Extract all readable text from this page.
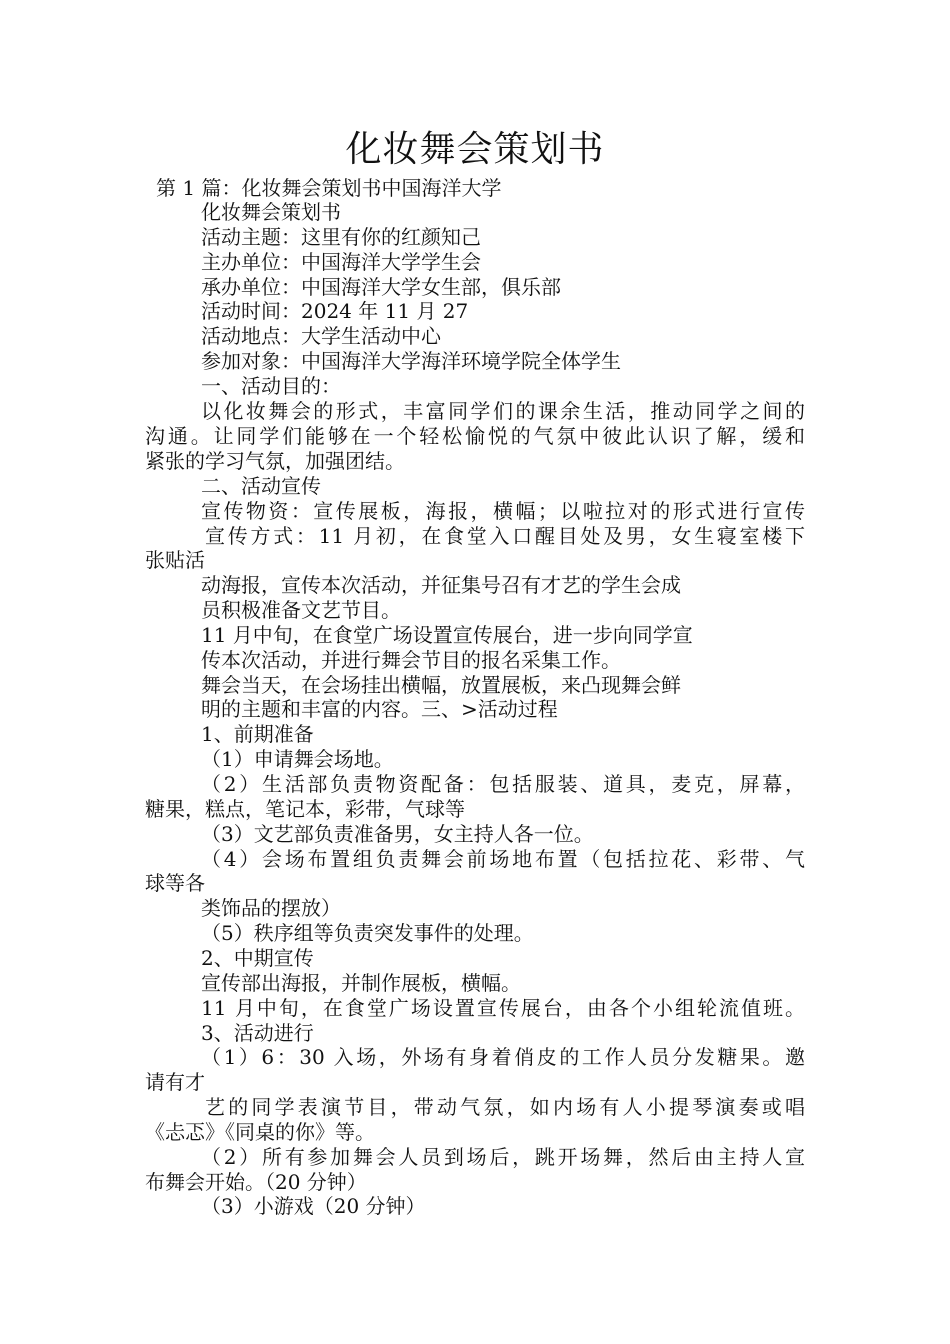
化妆舞会策划书
第 1 篇：化妆舞会策划书中国海洋大学
化妆舞会策划书
活动主题：这里有你的红颜知己
主办单位：中国海洋大学学生会
承办单位：中国海洋大学女生部，俱乐部
活动时间：2024 年 11 月 27
活动地点：大学生活动中心
参加对象：中国海洋大学海洋环境学院全体学生
一、活动目的：
以化妆舞会的形式，丰富同学们的课余生活，推动同学之间的
沟通。让同学们能够在一个轻松愉悦的气氛中彼此认识了解，缓和
紧张的学习气氛，加强团结。
二、活动宣传
宣传物资：宣传展板，海报，横幅；以啦拉对的形式进行宣传
宣传方式：11 月初，在食堂入口醒目处及男，女生寝室楼下
张贴活
动海报，宣传本次活动，并征集号召有才艺的学生会成
员积极准备文艺节目。
11 月中旬，在食堂广场设置宣传展台，进一步向同学宣
传本次活动，并进行舞会节目的报名采集工作。
舞会当天，在会场挂出横幅，放置展板，来凸现舞会鲜
明的主题和丰富的内容。三、>活动过程
1、前期准备
（1）申请舞会场地。
（2）生活部负责物资配备：包括服装、道具，麦克，屏幕，
糖果，糕点，笔记本，彩带，气球等
（3）文艺部负责准备男，女主持人各一位。
（4）会场布置组负责舞会前场地布置（包括拉花、彩带、气
球等各
类饰品的摆放）
（5）秩序组等负责突发事件的处理。
2、中期宣传
宣传部出海报，并制作展板，横幅。
11 月中旬，在食堂广场设置宣传展台，由各个小组轮流值班。
3、活动进行
（1）6：30 入场，外场有身着俏皮的工作人员分发糖果。邀
请有才
艺的同学表演节目，带动气氛，如内场有人小提琴演奏或唱
《忐忑》《同桌的你》等。
（2）所有参加舞会人员到场后，跳开场舞，然后由主持人宣
布舞会开始。（20 分钟）
（3）小游戏（20 分钟）
